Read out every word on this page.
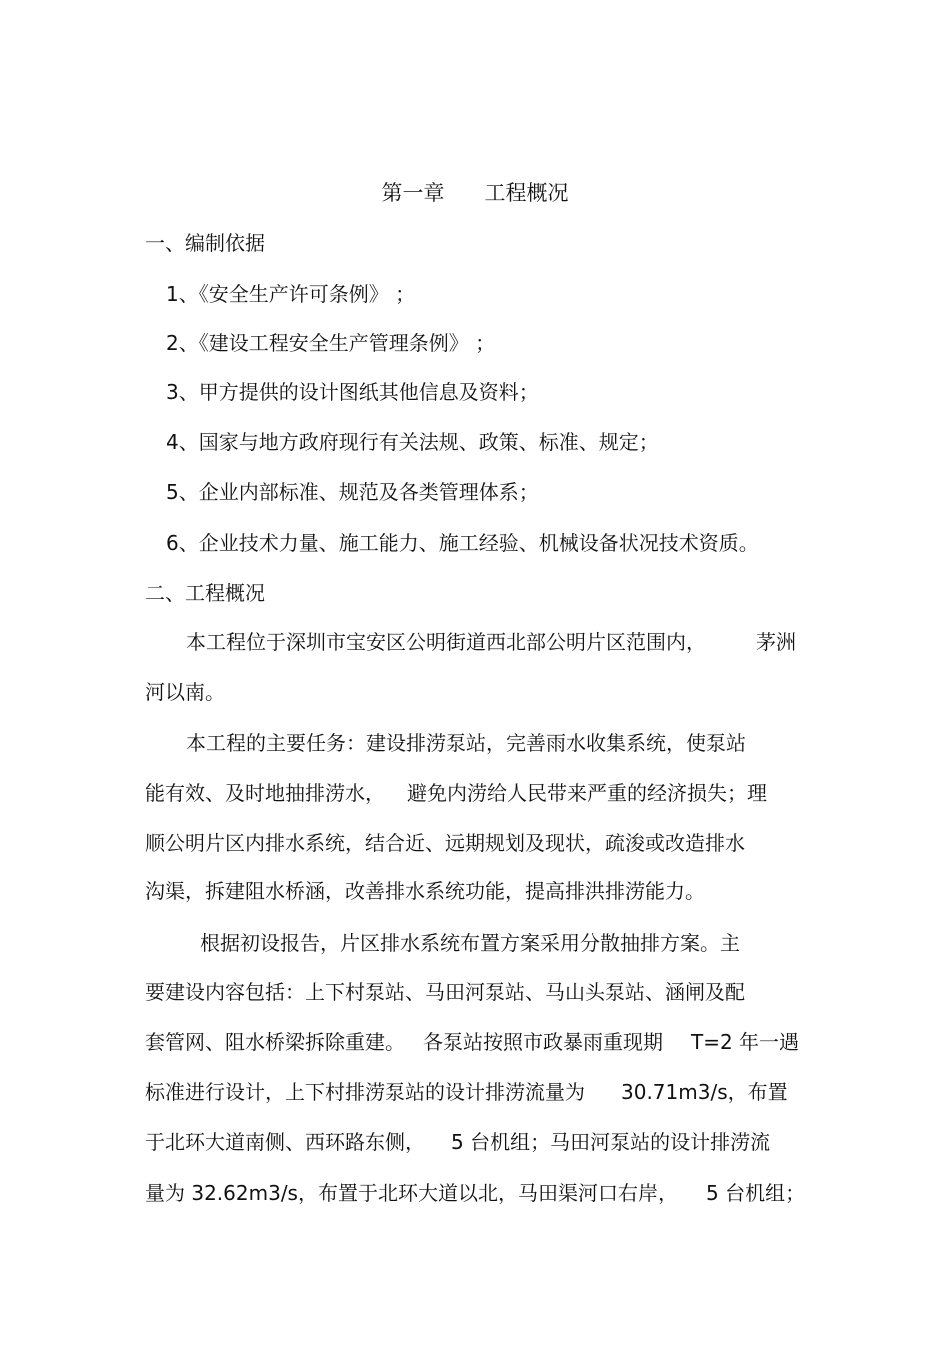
第一章 工程概况
一、编制依据
1、《安全生产许可条例》 ；
2、《建设工程安全生产管理条例》 ；
3、甲方提供的设计图纸其他信息及资料；
4、国家与地方政府现行有关法规、政策、标准、规定；
5、企业内部标准、规范及各类管理体系；
6、企业技术力量、施工能力、施工经验、机械设备状况技术资质。
二、工程概况
本工程位于深圳市宝安区公明街道西北部公明片区范围内，	茅洲
河以南。
本工程的主要任务：建设排涝泵站，完善雨水收集系统，使泵站
能有效、及时地抽排涝水， 避免内涝给人民带来严重的经济损失；理
顺公明片区内排水系统，结合近、远期规划及现状，疏浚或改造排水
沟渠，拆建阻水桥涵，改善排水系统功能，提高排洪排涝能力。
根据初设报告，片区排水系统布置方案采用分散抽排方案。主
要建设内容包括：上下村泵站、马田河泵站、马山头泵站、涵闸及配
套管网、阻水桥梁拆除重建。 各泵站按照市政暴雨重现期 T=2 年一遇
标准进行设计，上下村排涝泵站的设计排涝流量为 30.71m3/s，布置
于北环大道南侧、西环路东侧， 5 台机组；马田河泵站的设计排涝流
量为 32.62m3/s，布置于北环大道以北，马田渠河口右岸， 5 台机组；
